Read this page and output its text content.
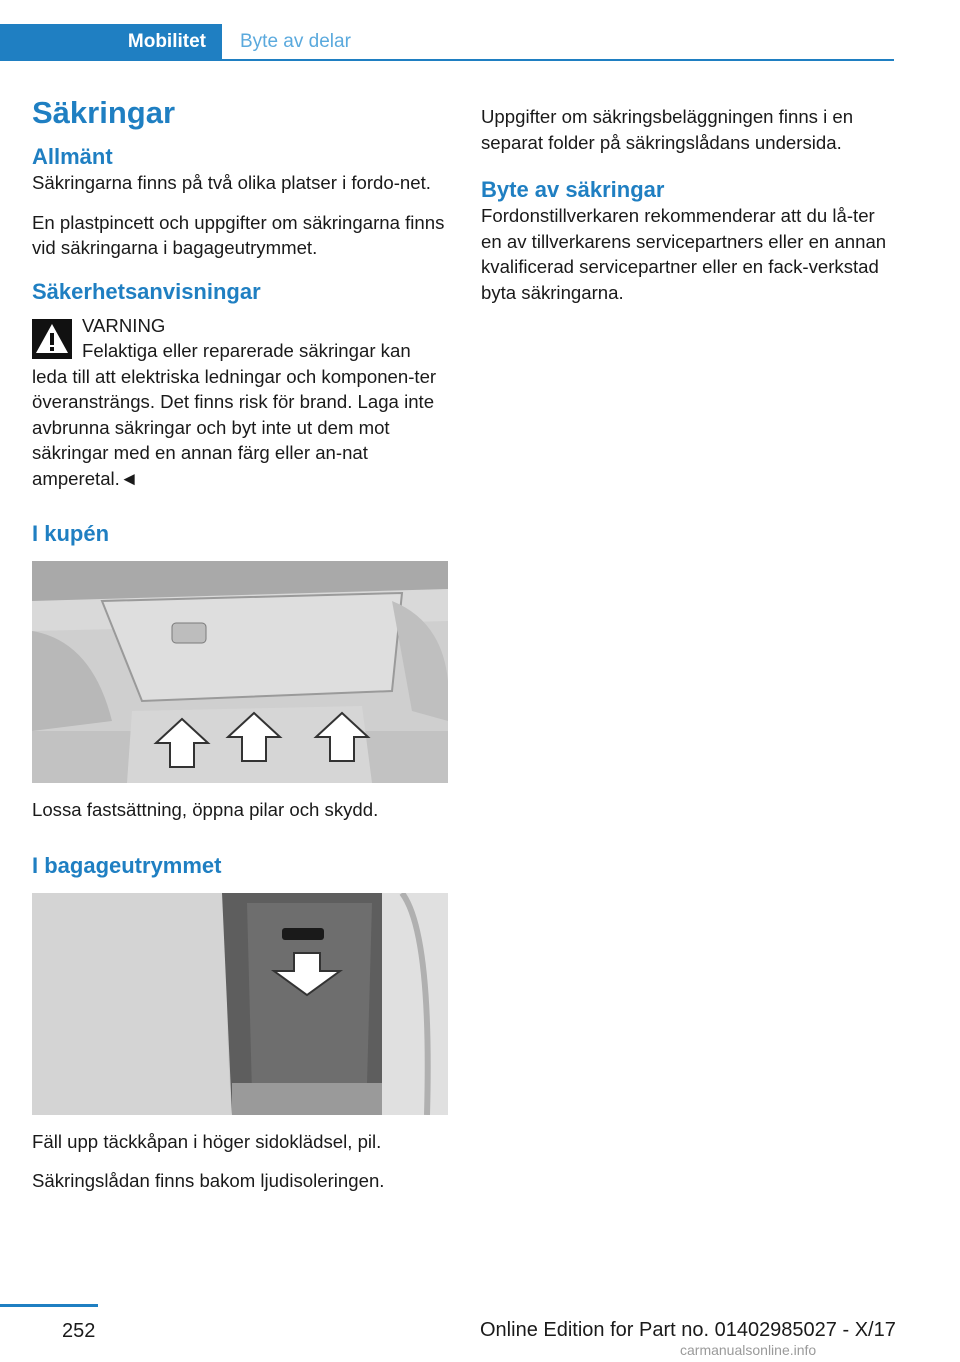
Mobilitet	Byte av delar
Säkringar
Allmänt

Säkringarna finns på två olika platser i fordo-net.

En plastpincett och uppgifter om säkringarna finns vid säkringarna i bagageutrymmet.

Säkerhetsanvisningar

VARNING

Felaktiga eller reparerade säkringar kan leda till att elektriska ledningar och komponen-ter överansträngs. Det finns risk för brand. Laga inte avbrunna säkringar och byt inte ut dem mot säkringar med en annan färg eller an-nat amperetal.◄

I kupén

Lossa fastsättning, öppna pilar och skydd.

I bagageutrymmet

Fäll upp täckkåpan i höger sidoklädsel, pil.

Säkringslådan finns bakom ljudisoleringen.

Uppgifter om säkringsbeläggningen finns i en separat folder på säkringslådans undersida.

Byte av säkringar

Fordonstillverkaren rekommenderar att du lå-ter en av tillverkarens servicepartners eller en annan kvalificerad servicepartner eller en fack-verkstad byta säkringarna.

252	Online Edition for Part no. 01402985027 - X/17
carmanualsonline.info
